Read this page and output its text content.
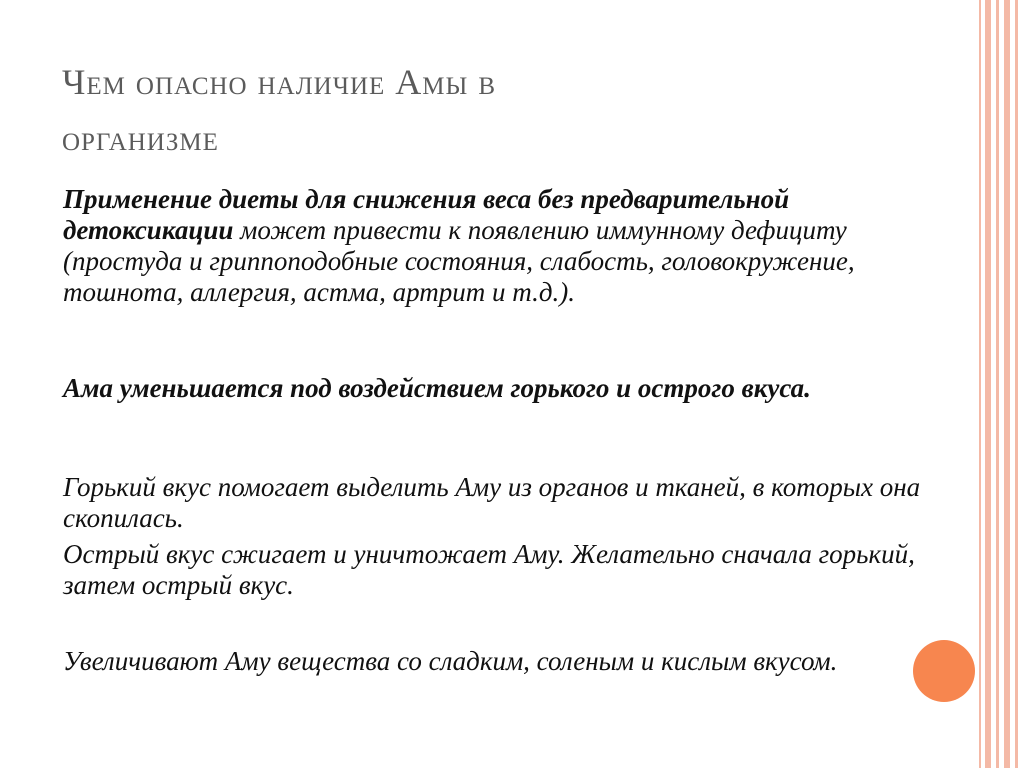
Чем опасно наличие Амы в
организме

Применение диеты для снижения веса без предварительной детоксикации может привести к появлению иммунному дефициту (простуда и гриппоподобные состояния, слабость, головокружение, тошнота, аллергия, астма, артрит и т.д.).

Ама уменьшается под воздействием горького и острого вкуса.

Горький вкус помогает выделить Аму из органов и тканей, в которых она скопилась.

Острый вкус сжигает и уничтожает Аму. Желательно сначала горький, затем острый вкус.

Увеличивают Аму вещества со сладким, соленым и кислым вкусом.
